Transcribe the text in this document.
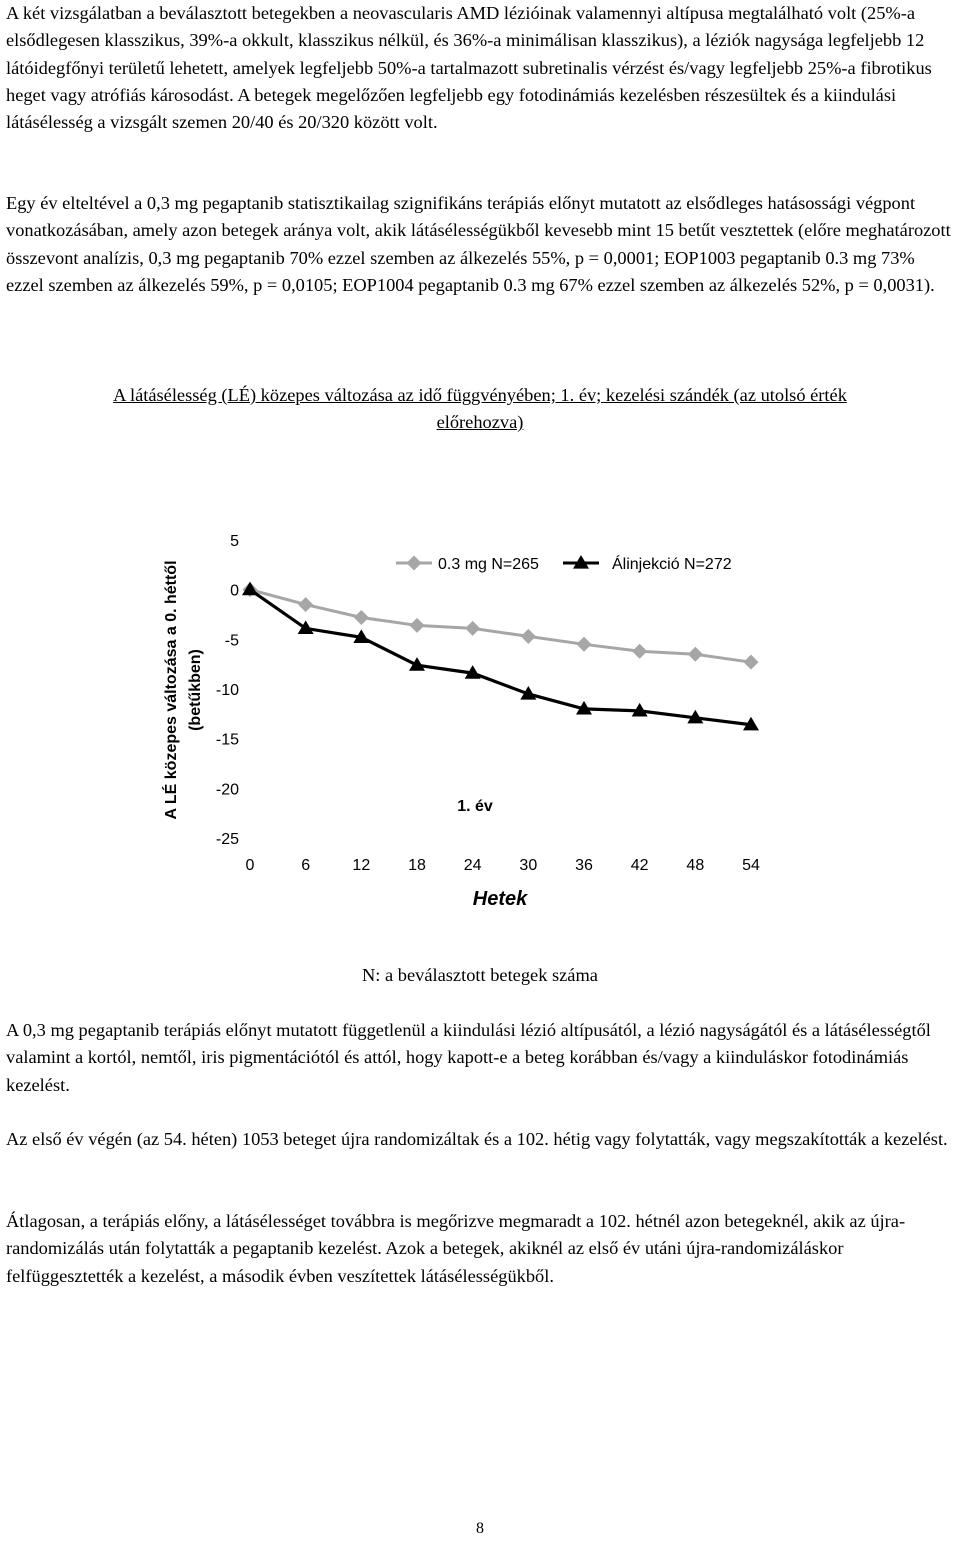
A két vizsgálatban a beválasztott betegekben a neovascularis AMD lézióinak valamennyi altípusa megtalálható volt (25%-a elsődlegesen klasszikus, 39%-a okkult, klasszikus nélkül, és 36%-a minimálisan klasszikus), a léziók nagysága legfeljebb 12 látóidegfőnyi területű lehetett, amelyek legfeljebb 50%-a tartalmazott subretinalis vérzést és/vagy legfeljebb 25%-a fibrotikus heget vagy atrófiás károsodást. A betegek megelőzően legfeljebb egy fotodinámiás kezelésben részesültek és a kiindulási látásélesség a vizsgált szemen 20/40 és 20/320 között volt.

Egy év elteltével a 0,3 mg pegaptanib statisztikailag szignifikáns terápiás előnyt mutatott az elsődleges hatásossági végpont vonatkozásában, amely azon betegek aránya volt, akik látásélességükből kevesebb mint 15 betűt vesztettek (előre meghatározott összevont analízis, 0,3 mg pegaptanib 70% ezzel szemben az álkezelés 55%, p = 0,0001; EOP1003 pegaptanib 0.3 mg 73% ezzel szemben az álkezelés 59%, p = 0,0105; EOP1004 pegaptanib 0.3 mg 67% ezzel szemben az álkezelés 52%, p = 0,0031).

A látásélesség (LÉ) közepes változása az idő függvényében; 1. év; kezelési szándék (az utolsó érték
előrehozva)
A LÉ közepes változása a 0. héttől (betűkben)
5
0
-5
-10
-15
-20
-25
0	6	12 18 24 30 36 42 48 54
Hetek
1. év
0.3 mg N=265	Álinjekció N=272
N: a beválasztott betegek száma

A 0,3 mg pegaptanib terápiás előnyt mutatott függetlenül a kiindulási lézió altípusától, a lézió nagyságától és a látásélességtől valamint a kortól, nemtől, iris pigmentációtól és attól, hogy kapott-e a beteg korábban és/vagy a kiinduláskor fotodinámiás kezelést.

Az első év végén (az 54. héten) 1053 beteget újra randomizáltak és a 102. hétig vagy folytatták, vagy megszakították a kezelést.

Átlagosan, a terápiás előny, a látásélességet továbbra is megőrizve megmaradt a 102. hétnél azon betegeknél, akik az újra-randomizálás után folytatták a pegaptanib kezelést. Azok a betegek, akiknél az első év utáni újra-randomizáláskor felfüggesztették a kezelést, a második évben veszítettek látásélességükből.

8
